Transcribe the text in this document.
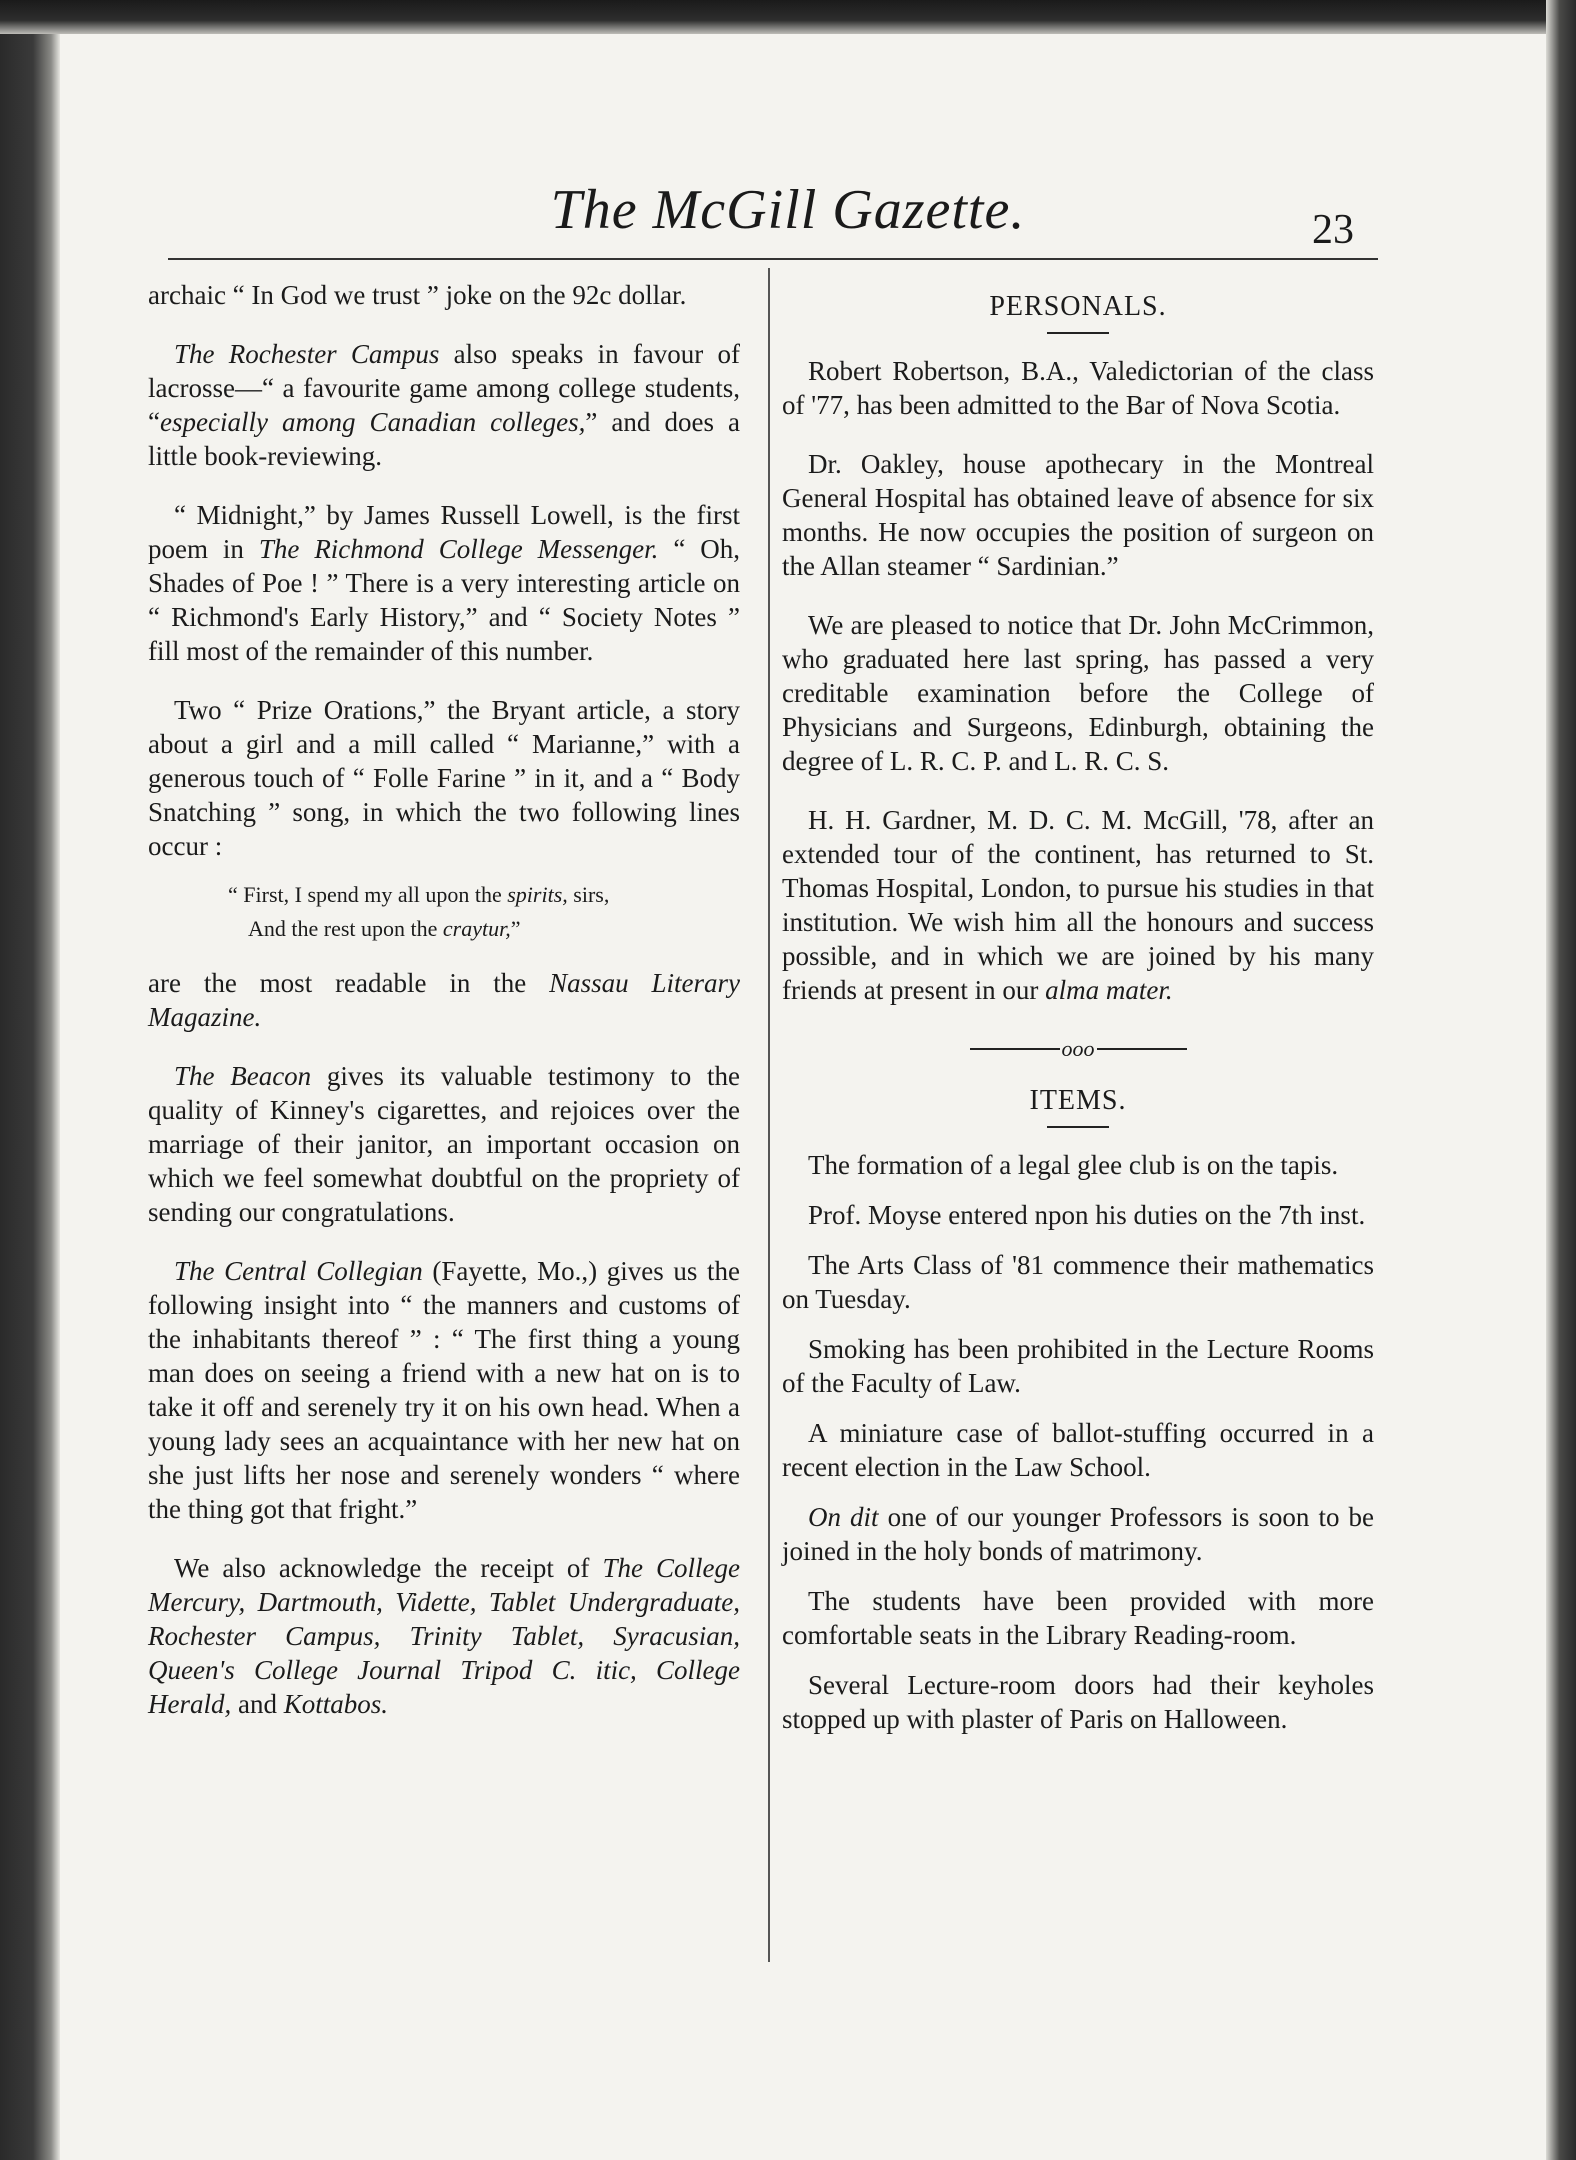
The McGill Gazette.	23

archaic “ In God we trust ” joke on the 92c dollar.

The Rochester Campus also speaks in favour of lacrosse—“ a favourite game among college students, “especially among Canadian colleges,” and does a little book-reviewing.

“ Midnight,” by James Russell Lowell, is the first poem in The Richmond College Messenger. “ Oh, Shades of Poe ! ” There is a very interesting article on “ Richmond's Early History,” and “ Society Notes ” fill most of the remainder of this number.

Two “ Prize Orations,” the Bryant article, a story about a girl and a mill called “ Marianne,” with a generous touch of “ Folle Farine ” in it, and a “ Body Snatching ” song, in which the two following lines occur :

“ First, I spend my all upon the spirits, sirs,
And the rest upon the craytur,”

are the most readable in the Nassau Literary Magazine.

The Beacon gives its valuable testimony to the quality of Kinney's cigarettes, and rejoices over the marriage of their janitor, an important occasion on which we feel somewhat doubtful on the propriety of sending our congratulations.

The Central Collegian (Fayette, Mo.,) gives us the following insight into “ the manners and customs of the inhabitants thereof ” : “ The first thing a young man does on seeing a friend with a new hat on is to take it off and serenely try it on his own head. When a young lady sees an acquaintance with her new hat on she just lifts her nose and serenely wonders “ where the thing got that fright.”

We also acknowledge the receipt of The College Mercury, Dartmouth, Vidette, Tablet Undergraduate, Rochester Campus, Trinity Tablet, Syracusian, Queen's College Journal Tripod C. itic, College Herald, and Kottabos.

PERSONALS.

Robert Robertson, B.A., Valedictorian of the class of '77, has been admitted to the Bar of Nova Scotia.

Dr. Oakley, house apothecary in the Montreal General Hospital has obtained leave of absence for six months. He now occupies the position of surgeon on the Allan steamer “ Sardinian.”

We are pleased to notice that Dr. John McCrimmon, who graduated here last spring, has passed a very creditable examination before the College of Physicians and Surgeons, Edinburgh, obtaining the degree of L. R. C. P. and L. R. C. S.

H. H. Gardner, M. D. C. M. McGill, '78, after an extended tour of the continent, has returned to St. Thomas Hospital, London, to pursue his studies in that institution. We wish him all the honours and success possible, and in which we are joined by his many friends at present in our alma mater.

ooo
ITEMS.

The formation of a legal glee club is on the tapis.

Prof. Moyse entered npon his duties on the 7th inst.

The Arts Class of '81 commence their mathematics on Tuesday.

Smoking has been prohibited in the Lecture Rooms of the Faculty of Law.

A miniature case of ballot-stuffing occurred in a recent election in the Law School.

On dit one of our younger Professors is soon to be joined in the holy bonds of matrimony.

The students have been provided with more comfortable seats in the Library Reading-room.

Several Lecture-room doors had their keyholes stopped up with plaster of Paris on Halloween.
